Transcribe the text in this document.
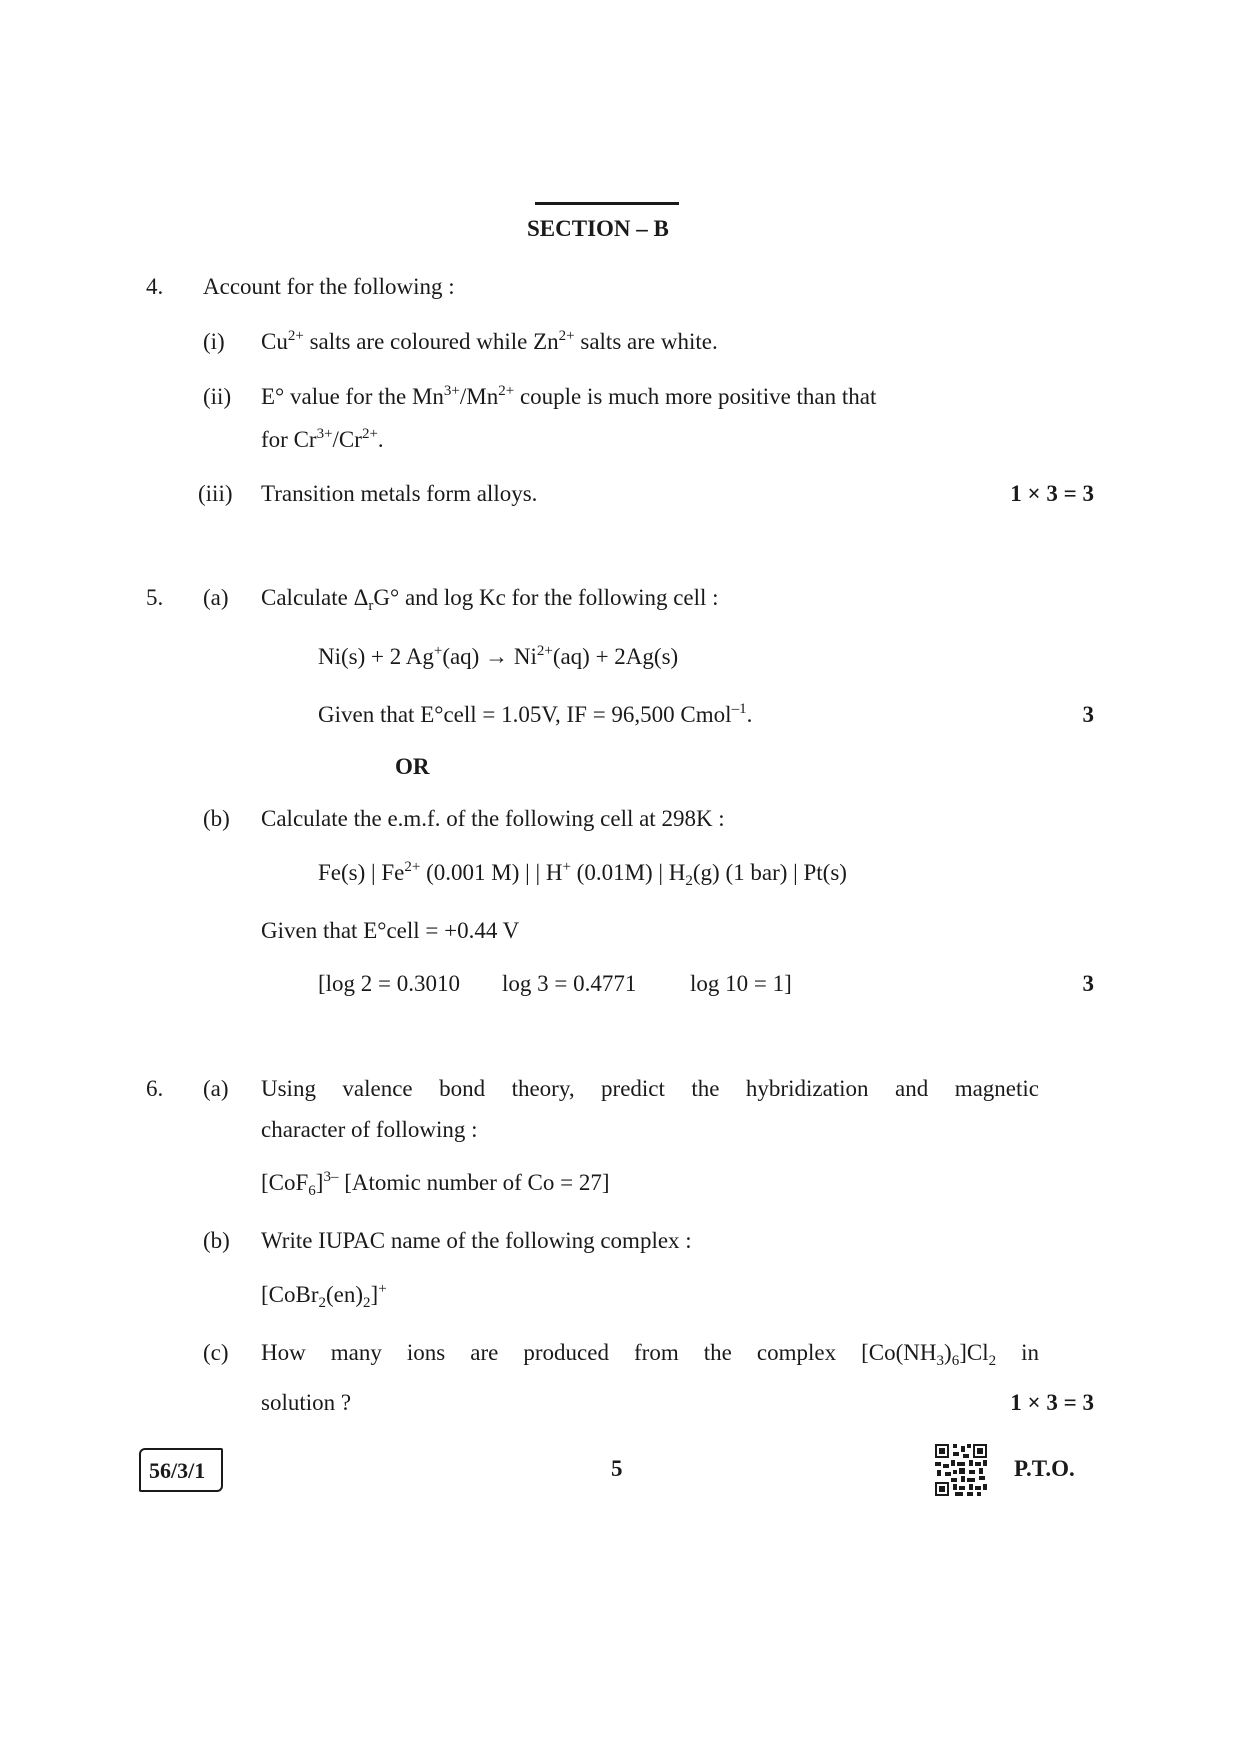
SECTION – B
4. Account for the following :
(i) $Cu^{2+}$ salts are coloured while $Zn^{2+}$ salts are white.
(ii) E° value for the $Mn^{3+}/Mn^{2+}$ couple is much more positive than that
for $Cr^{3+}/Cr^{2+}$.
(iii) Transition metals form alloys.	1 × 3 = 3
5. (a) Calculate $\Delta_rG^\circ$ and log Kc for the following cell :
Ni(s) + 2 $Ag^+(aq) \to Ni^{2+}(aq) + 2Ag(s)$
Given that E°cell = 1.05V, IF = 96,500 Cmol$^{-1}$.	3
OR
(b) Calculate the e.m.f. of the following cell at 298K :
Fe(s) | $Fe^{2+}$ (0.001 M) | | H+ (0.01M) | $H_2(g)$ (1 bar) | Pt(s)
Given that E°cell = +0.44 V
[log 2 = 0.3010 log 3 = 0.4771 log 10 = 1]	3
6. (a) Using valence bond theory, predict the hybridization and magnetic
character of following :
$[CoF_6]^{3-}$ [Atomic number of Co = 27]
(b) Write IUPAC name of the following complex :
$[CoBr_2(en)_2]^+$
(c) How many ions are produced from the complex $[Co(NH_3)_6]Cl_2$ in
solution ?	1 × 3 = 3
56/3/1	5	P.T.O.
